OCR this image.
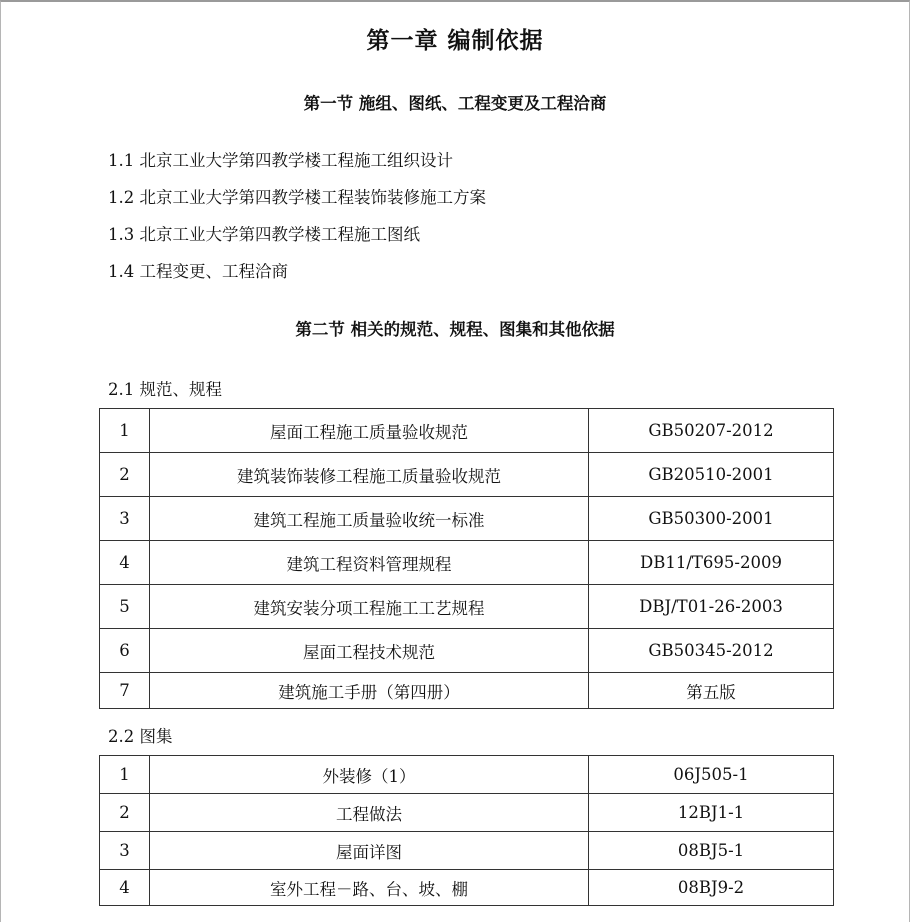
第一章 编制依据
第一节 施组、图纸、工程变更及工程洽商
1.1 北京工业大学第四教学楼工程施工组织设计
1.2 北京工业大学第四教学楼工程装饰装修施工方案
1.3 北京工业大学第四教学楼工程施工图纸
1.4 工程变更、工程洽商
第二节 相关的规范、规程、图集和其他依据
2.1 规范、规程
1	屋面工程施工质量验收规范	GB50207-2012
2	建筑装饰装修工程施工质量验收规范	GB20510-2001
3	建筑工程施工质量验收统一标准	GB50300-2001
4	建筑工程资料管理规程	DB11/T695-2009
5	建筑安装分项工程施工工艺规程	DBJ/T01-26-2003
6	屋面工程技术规范	GB50345-2012
7	建筑施工手册（第四册）	第五版
2.2 图集
1	外装修（1）	06J505-1
2	工程做法	12BJ1-1
3	屋面详图	08BJ5-1
4	室外工程－路、台、坡、棚	08BJ9-2
